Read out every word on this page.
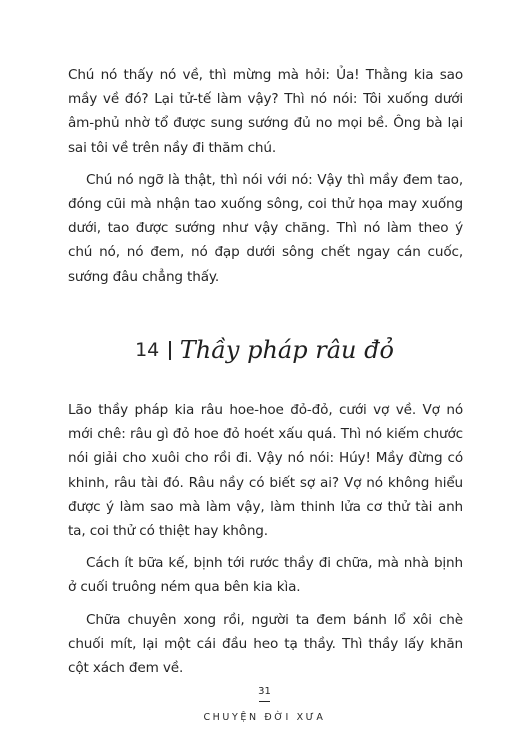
Chú nó thấy nó về, thì mừng mà hỏi: Ủa! Thằng kia sao mầy về đó? Lại tử-tế làm vậy? Thì nó nói: Tôi xuống dưới âm-phủ nhờ tổ được sung sướng đủ no mọi bề. Ông bà lại sai tôi về trên nầy đi thăm chú.

Chú nó ngỡ là thật, thì nói với nó: Vậy thì mầy đem tao, đóng cũi mà nhận tao xuống sông, coi thử họa may xuống dưới, tao được sướng như vậy chăng. Thì nó làm theo ý chú nó, nó đem, nó đạp dưới sông chết ngay cán cuốc, sướng đâu chẳng thấy.

14 Thầy pháp râu đỏ

Lão thầy pháp kia râu hoe-hoe đỏ-đỏ, cưới vợ về. Vợ nó mới chê: râu gì đỏ hoe đỏ hoét xấu quá. Thì nó kiếm chước nói giải cho xuôi cho rồi đi. Vậy nó nói: Húy! Mầy đừng có khinh, râu tài đó. Râu nầy có biết sợ ai? Vợ nó không hiểu được ý làm sao mà làm vậy, làm thinh lửa cơ thử tài anh ta, coi thử có thiệt hay không.

Cách ít bữa kế, bịnh tới rước thầy đi chữa, mà nhà bịnh ở cuối truông ném qua bên kia kìa.

Chữa chuyên xong rồi, người ta đem bánh lổ xôi chè chuối mít, lại một cái đầu heo tạ thầy. Thì thầy lấy khăn cột xách đem về.

31
CHUYỆN ĐỜI XƯA
